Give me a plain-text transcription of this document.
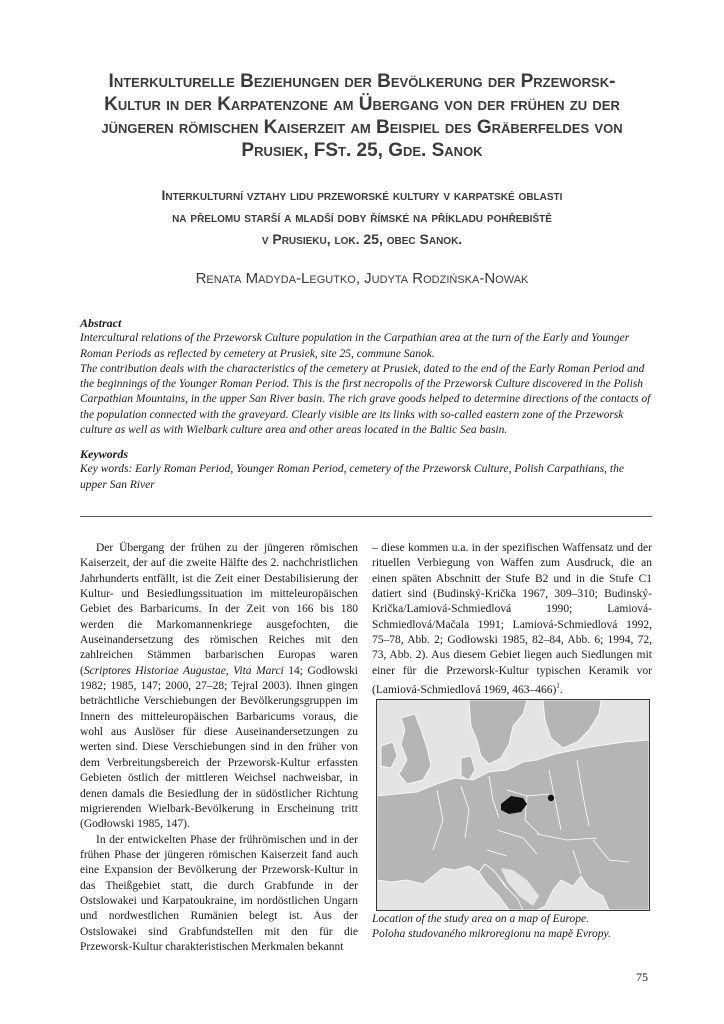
Interkulturelle Beziehungen der Bevölkerung der Przeworsk-
Kultur in der Karpatenzone am Übergang von der frühen zu der
jüngeren römischen Kaiserzeit am Beispiel des Gräberfeldes von
Prusiek, FSt. 25, Gde. Sanok

Interkulturní vztahy lidu przeworské kultury v karpatské oblasti
na přelomu starší a mladší doby římské na příkladu pohřebiště
v Prusieku, lok. 25, obec Sanok.

Renata Madyda-Legutko, Judyta Rodzińska-Nowak

Abstract
Intercultural relations of the Przeworsk Culture population in the Carpathian area at the turn of the Early and Younger Roman Periods as reflected by cemetery at Prusiek, site 25, commune Sanok.
The contribution deals with the characteristics of the cemetery at Prusiek, dated to the end of the Early Roman Period and the beginnings of the Younger Roman Period. This is the first necropolis of the Przeworsk Culture discovered in the Polish Carpathian Mountains, in the upper San River basin. The rich grave goods helped to determine directions of the contacts of the population connected with the graveyard. Clearly visible are its links with so-called eastern zone of the Przeworsk culture as well as with Wielbark culture area and other areas located in the Baltic Sea basin.
Keywords
Key words: Early Roman Period, Younger Roman Period, cemetery of the Przeworsk Culture, Polish Carpathians, the upper San River

Der Übergang der frühen zu der jüngeren römischen Kaiserzeit, der auf die zweite Hälfte des 2. nachchristlichen Jahrhunderts entfällt, ist die Zeit einer Destabilisierung der Kultur- und Besiedlungssituation im mitteleuropäischen Gebiet des Barbaricums. In der Zeit von 166 bis 180 werden die Markomannenkriege ausgefochten, die Auseinandersetzung des römischen Reiches mit den zahlreichen Stämmen barbarischen Europas waren (Scriptores Historiae Augustae, Vita Marci 14; Godłowski 1982; 1985, 147; 2000, 27–28; Tejral 2003). Ihnen gingen beträchtliche Verschiebungen der Bevölkerungsgruppen im Innern des mitteleuropäischen Barbaricums voraus, die wohl aus Auslöser für diese Auseinandersetzungen zu werten sind. Diese Verschiebungen sind in den früher von dem Verbreitungsbereich der Przeworsk-Kultur erfassten Gebieten östlich der mittleren Weichsel nachweisbar, in denen damals die Besiedlung der in südöstlicher Richtung migrierenden Wielbark-Bevölkerung in Erscheinung tritt (Godłowski 1985, 147).

In der entwickelten Phase der frührömischen und in der frühen Phase der jüngeren römischen Kaiserzeit fand auch eine Expansion der Bevölkerung der Przeworsk-Kultur in das Theißgebiet statt, die durch Grabfunde in der Ostslowakei und Karpatoukraine, im nordöstlichen Ungarn und nordwestlichen Rumänien belegt ist. Aus der Ostslowakei sind Grabfundstellen mit den für die Przeworsk-Kultur charakteristischen Merkmalen bekannt

– diese kommen u.a. in der spezifischen Waffensatz und der rituellen Verbiegung von Waffen zum Ausdruck, die an einen späten Abschnitt der Stufe B2 und in die Stufe C1 datiert sind (Budinský-Krička 1967, 309–310; Budinský-Krička/Lamiová-Schmiedlová 1990; Lamiová-Schmiedlová/Mačala 1991; Lamiová-Schmiedlová 1992, 75–78, Abb. 2; Godłowski 1985, 82–84, Abb. 6; 1994, 72, 73, Abb. 2). Aus diesem Gebiet liegen auch Siedlungen mit einer für die Przeworsk-Kultur typischen Keramik vor (Lamiová-Schmiedlová 1969, 463–466)$^1$.

Location of the study area on a map of Europe.
Poloha studovaného mikroregionu na mapě Evropy.
75
